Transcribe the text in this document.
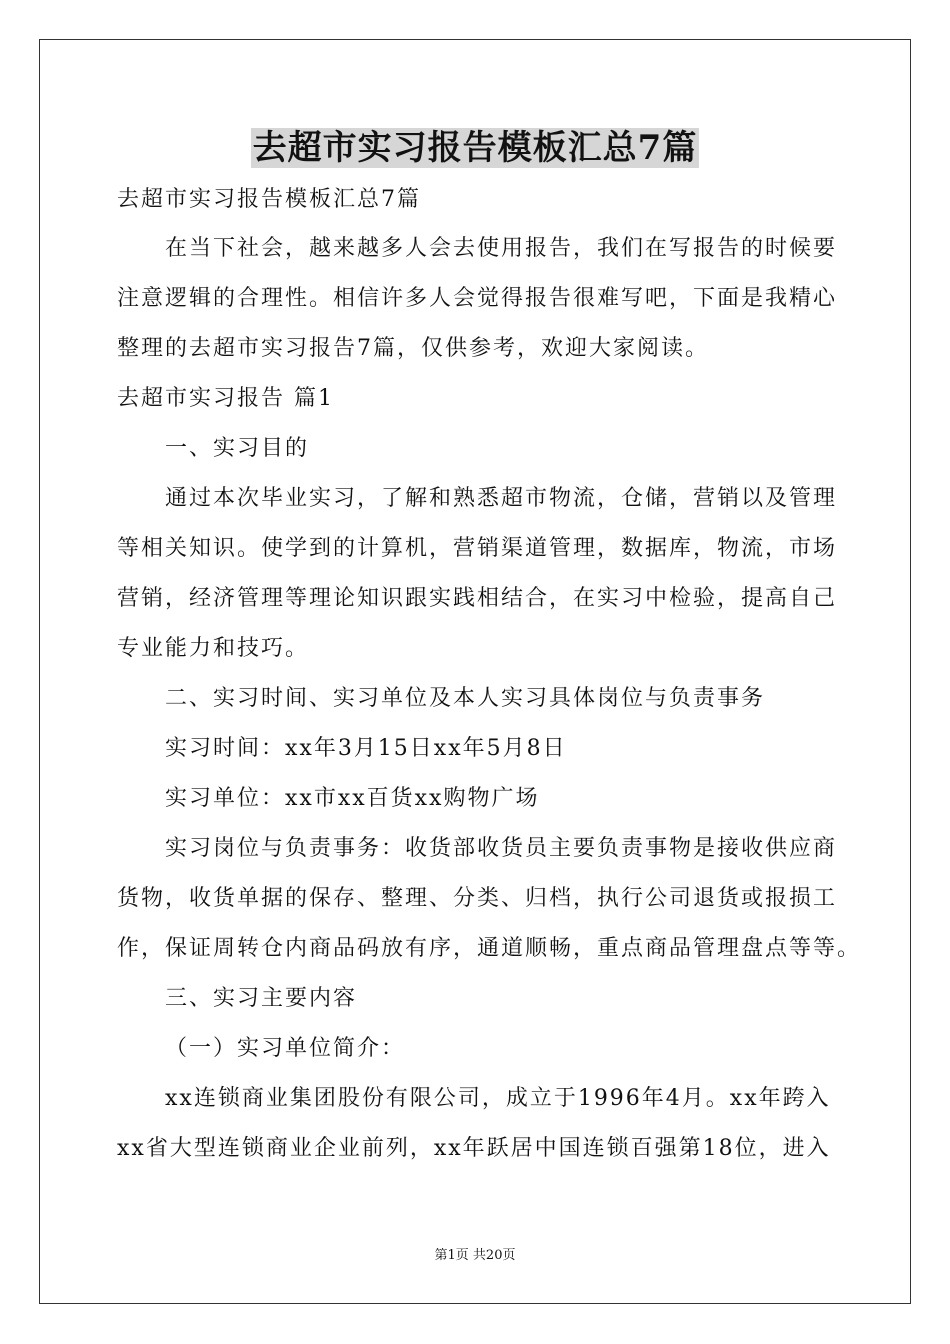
去超市实习报告模板汇总7篇
去超市实习报告模板汇总7篇
在当下社会，越来越多人会去使用报告，我们在写报告的时候要
注意逻辑的合理性。相信许多人会觉得报告很难写吧，下面是我精心
整理的去超市实习报告7篇，仅供参考，欢迎大家阅读。
去超市实习报告 篇1
一、实习目的
通过本次毕业实习，了解和熟悉超市物流，仓储，营销以及管理
等相关知识。使学到的计算机，营销渠道管理，数据库，物流，市场
营销，经济管理等理论知识跟实践相结合，在实习中检验，提高自己
专业能力和技巧。
二、实习时间、实习单位及本人实习具体岗位与负责事务
实习时间：xx年3月15日xx年5月8日
实习单位：xx市xx百货xx购物广场
实习岗位与负责事务：收货部收货员主要负责事物是接收供应商
货物，收货单据的保存、整理、分类、归档，执行公司退货或报损工
作，保证周转仓内商品码放有序，通道顺畅，重点商品管理盘点等等。
三、实习主要内容
（一）实习单位简介：
xx连锁商业集团股份有限公司，成立于1996年4月。xx年跨入
xx省大型连锁商业企业前列，xx年跃居中国连锁百强第18位，进入
第1页 共20页
